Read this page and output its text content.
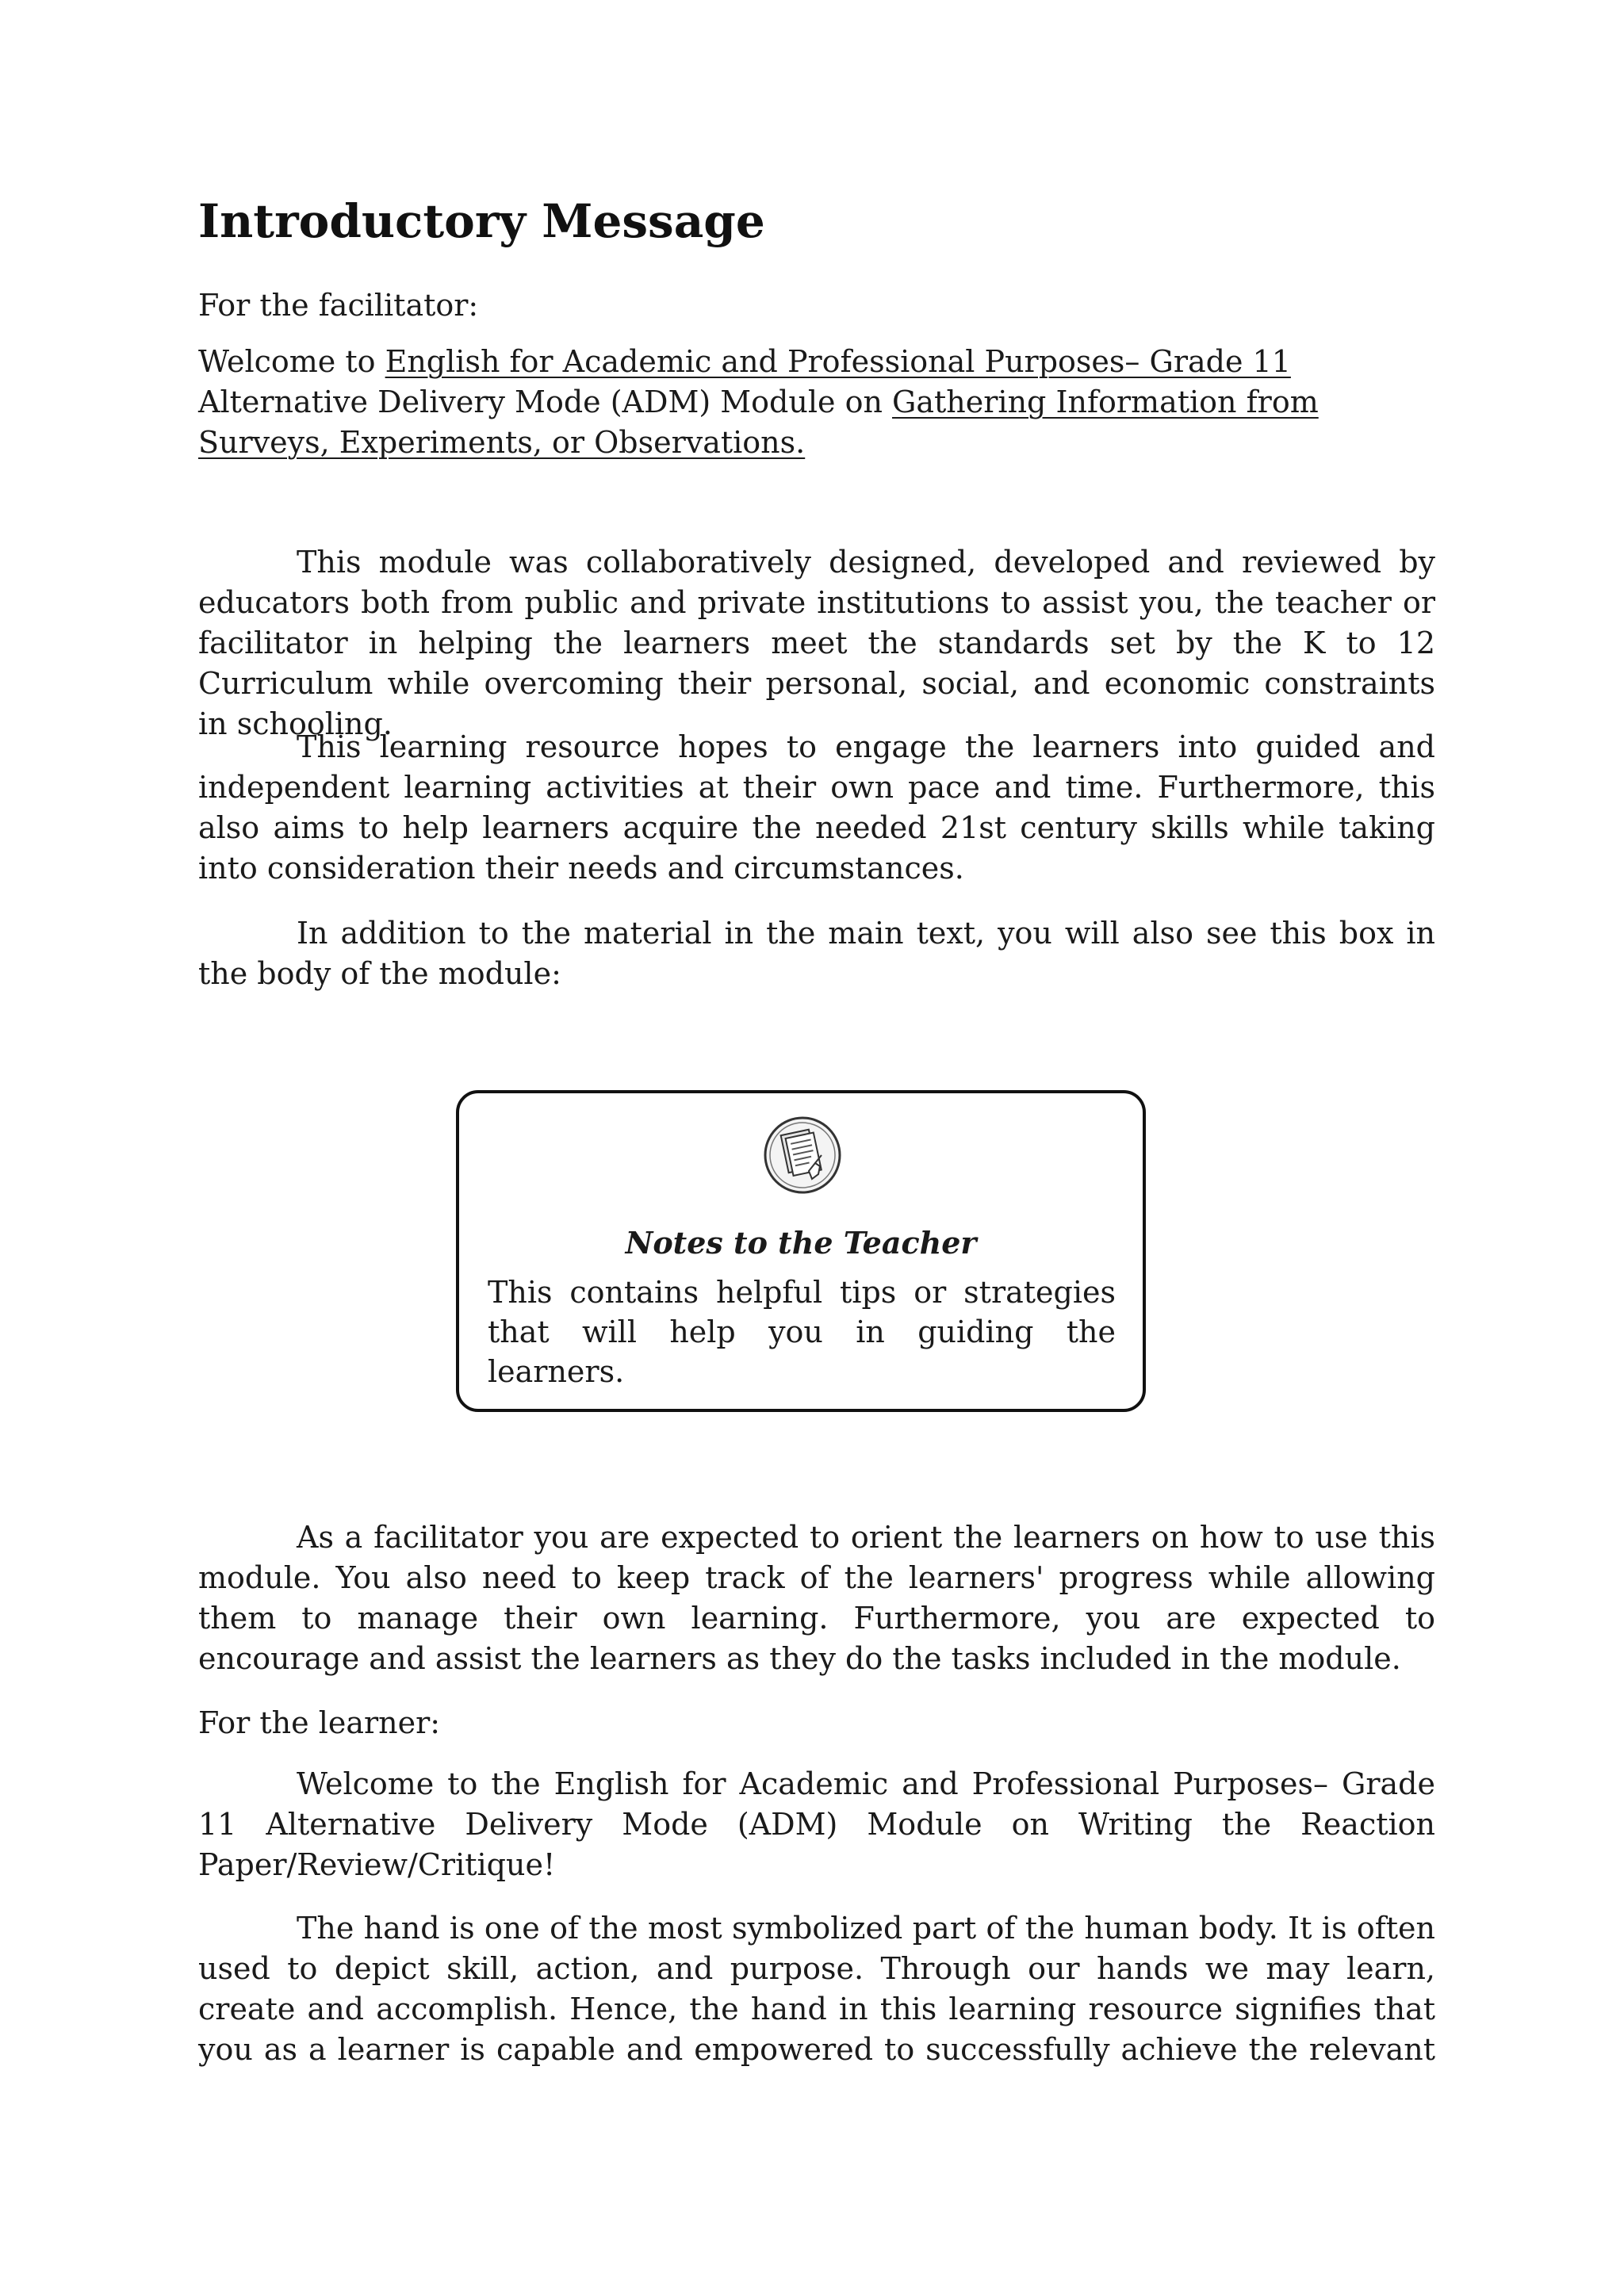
Introductory Message

For the facilitator:

Welcome to English for Academic and Professional Purposes– Grade 11 Alternative Delivery Mode (ADM) Module on Gathering Information from Surveys, Experiments, or Observations.

This module was collaboratively designed, developed and reviewed by educators both from public and private institutions to assist you, the teacher or facilitator in helping the learners meet the standards set by the K to 12 Curriculum while overcoming their personal, social, and economic constraints in schooling.

This learning resource hopes to engage the learners into guided and independent learning activities at their own pace and time. Furthermore, this also aims to help learners acquire the needed 21st century skills while taking into consideration their needs and circumstances.

In addition to the material in the main text, you will also see this box in the body of the module:

As a facilitator you are expected to orient the learners on how to use this module. You also need to keep track of the learners' progress while allowing them to manage their own learning. Furthermore, you are expected to encourage and assist the learners as they do the tasks included in the module.

For the learner:

Welcome to the English for Academic and Professional Purposes– Grade 11 Alternative Delivery Mode (ADM) Module on Writing the Reaction Paper/Review/Critique!

The hand is one of the most symbolized part of the human body. It is often used to depict skill, action, and purpose. Through our hands we may learn, create and accomplish. Hence, the hand in this learning resource signifies that you as a learner is capable and empowered to successfully achieve the relevant

Notes to the Teacher

This contains helpful tips or strategies that will help you in guiding the learners.
